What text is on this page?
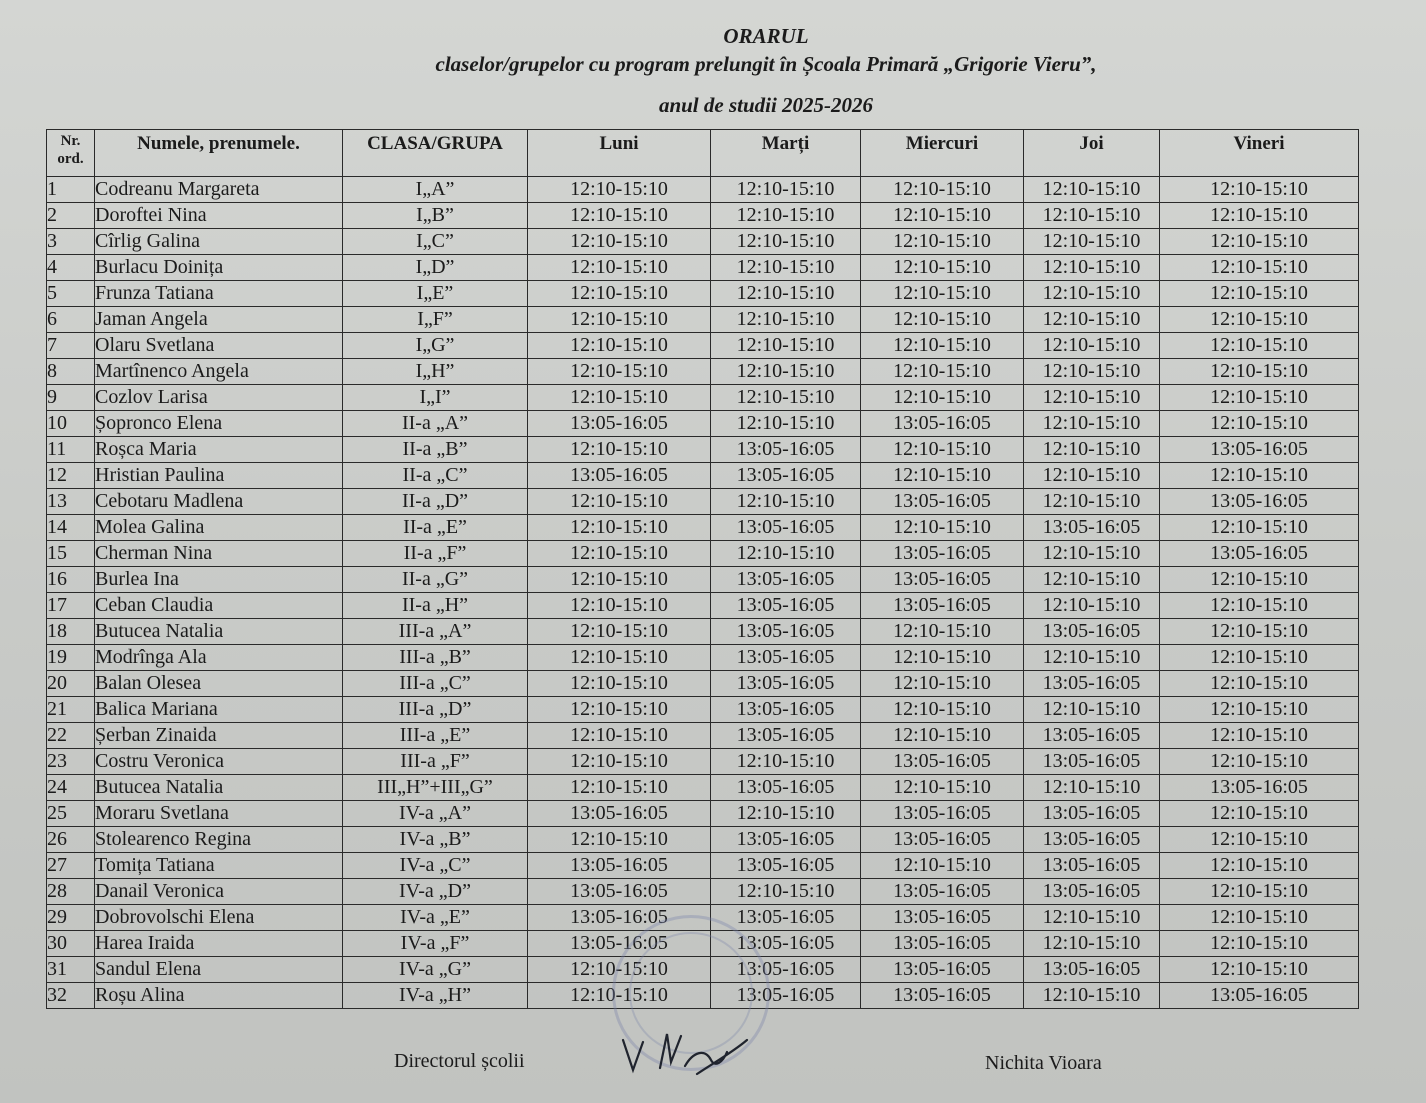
ORARUL
claselor/grupelor cu program prelungit în Școala Primară „Grigorie Vieru”,
anul de studii 2025-2026
Nr.
ord.	Numele, prenumele.	CLASA/GRUPA	Luni	Marți	Miercuri	Joi	Vineri
1	Codreanu Margareta	I„A”	12:10-15:10	12:10-15:10	12:10-15:10	12:10-15:10	12:10-15:10
2	Doroftei Nina	I„B”	12:10-15:10	12:10-15:10	12:10-15:10	12:10-15:10	12:10-15:10
3	Cîrlig Galina	I„C”	12:10-15:10	12:10-15:10	12:10-15:10	12:10-15:10	12:10-15:10
4	Burlacu Doinița	I„D”	12:10-15:10	12:10-15:10	12:10-15:10	12:10-15:10	12:10-15:10
5	Frunza Tatiana	I„E”	12:10-15:10	12:10-15:10	12:10-15:10	12:10-15:10	12:10-15:10
6	Jaman Angela	I„F”	12:10-15:10	12:10-15:10	12:10-15:10	12:10-15:10	12:10-15:10
7	Olaru Svetlana	I„G”	12:10-15:10	12:10-15:10	12:10-15:10	12:10-15:10	12:10-15:10
8	Martînenco Angela	I„H”	12:10-15:10	12:10-15:10	12:10-15:10	12:10-15:10	12:10-15:10
9	Cozlov Larisa	I„I”	12:10-15:10	12:10-15:10	12:10-15:10	12:10-15:10	12:10-15:10
10	Șopronco Elena	II-a „A”	13:05-16:05	12:10-15:10	13:05-16:05	12:10-15:10	12:10-15:10
11	Roșca Maria	II-a „B”	12:10-15:10	13:05-16:05	12:10-15:10	12:10-15:10	13:05-16:05
12	Hristian Paulina	II-a „C”	13:05-16:05	13:05-16:05	12:10-15:10	12:10-15:10	12:10-15:10
13	Cebotaru Madlena	II-a „D”	12:10-15:10	12:10-15:10	13:05-16:05	12:10-15:10	13:05-16:05
14	Molea Galina	II-a „E”	12:10-15:10	13:05-16:05	12:10-15:10	13:05-16:05	12:10-15:10
15	Cherman Nina	II-a „F”	12:10-15:10	12:10-15:10	13:05-16:05	12:10-15:10	13:05-16:05
16	Burlea Ina	II-a „G”	12:10-15:10	13:05-16:05	13:05-16:05	12:10-15:10	12:10-15:10
17	Ceban Claudia	II-a „H”	12:10-15:10	13:05-16:05	13:05-16:05	12:10-15:10	12:10-15:10
18	Butucea Natalia	III-a „A”	12:10-15:10	13:05-16:05	12:10-15:10	13:05-16:05	12:10-15:10
19	Modrînga Ala	III-a „B”	12:10-15:10	13:05-16:05	12:10-15:10	12:10-15:10	12:10-15:10
20	Balan Olesea	III-a „C”	12:10-15:10	13:05-16:05	12:10-15:10	13:05-16:05	12:10-15:10
21	Balica Mariana	III-a „D”	12:10-15:10	13:05-16:05	12:10-15:10	12:10-15:10	12:10-15:10
22	Șerban Zinaida	III-a „E”	12:10-15:10	13:05-16:05	12:10-15:10	13:05-16:05	12:10-15:10
23	Costru Veronica	III-a „F”	12:10-15:10	12:10-15:10	13:05-16:05	13:05-16:05	12:10-15:10
24	Butucea Natalia	III„H”+III„G”	12:10-15:10	13:05-16:05	12:10-15:10	12:10-15:10	13:05-16:05
25	Moraru Svetlana	IV-a „A”	13:05-16:05	12:10-15:10	13:05-16:05	13:05-16:05	12:10-15:10
26	Stolearenco Regina	IV-a „B”	12:10-15:10	13:05-16:05	13:05-16:05	13:05-16:05	12:10-15:10
27	Tomița Tatiana	IV-a „C”	13:05-16:05	13:05-16:05	12:10-15:10	13:05-16:05	12:10-15:10
28	Danail Veronica	IV-a „D”	13:05-16:05	12:10-15:10	13:05-16:05	13:05-16:05	12:10-15:10
29	Dobrovolschi Elena	IV-a „E”	13:05-16:05	13:05-16:05	13:05-16:05	12:10-15:10	12:10-15:10
30	Harea Iraida	IV-a „F”	13:05-16:05	13:05-16:05	13:05-16:05	12:10-15:10	12:10-15:10
31	Sandul Elena	IV-a „G”	12:10-15:10	13:05-16:05	13:05-16:05	13:05-16:05	12:10-15:10
32	Roșu Alina	IV-a „H”	12:10-15:10	13:05-16:05	13:05-16:05	12:10-15:10	13:05-16:05
Directorul școlii	Nichita Vioara
